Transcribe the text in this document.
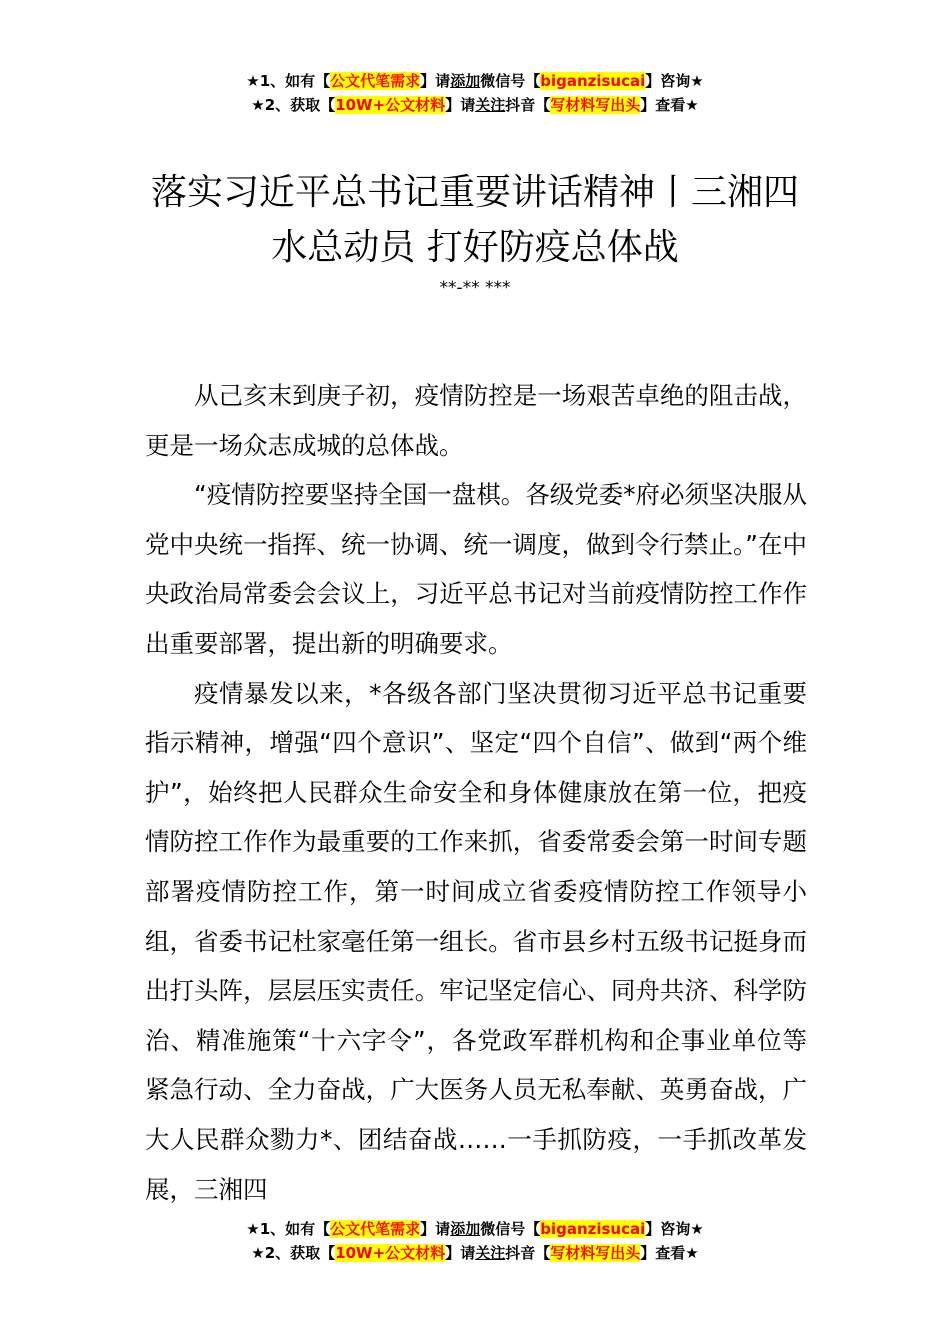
★1、如有【公文代笔需求】请添加微信号【biganzisucai】咨询★
★2、获取【10W+公文材料】请关注抖音【写材料写出头】查看★
落实习近平总书记重要讲话精神丨三湘四水总动员 打好防疫总体战
**-** ***

从己亥末到庚子初，疫情防控是一场艰苦卓绝的阻击战，更是一场众志成城的总体战。

“疫情防控要坚持全国一盘棋。各级党委*府必须坚决服从党中央统一指挥、统一协调、统一调度，做到令行禁止。”在中央政治局常委会会议上，习近平总书记对当前疫情防控工作作出重要部署，提出新的明确要求。

疫情暴发以来，*各级各部门坚决贯彻习近平总书记重要指示精神，增强“四个意识”、坚定“四个自信”、做到“两个维护”，始终把人民群众生命安全和身体健康放在第一位，把疫情防控工作作为最重要的工作来抓，省委常委会第一时间专题部署疫情防控工作，第一时间成立省委疫情防控工作领导小组，省委书记杜家毫任第一组长。省市县乡村五级书记挺身而出打头阵，层层压实责任。牢记坚定信心、同舟共济、科学防治、精准施策“十六字令”，各党政军群机构和企事业单位等紧急行动、全力奋战，广大医务人员无私奉献、英勇奋战，广大人民群众勠力*、团结奋战……一手抓防疫，一手抓改革发展，三湘四

★1、如有【公文代笔需求】请添加微信号【biganzisucai】咨询★
★2、获取【10W+公文材料】请关注抖音【写材料写出头】查看★
